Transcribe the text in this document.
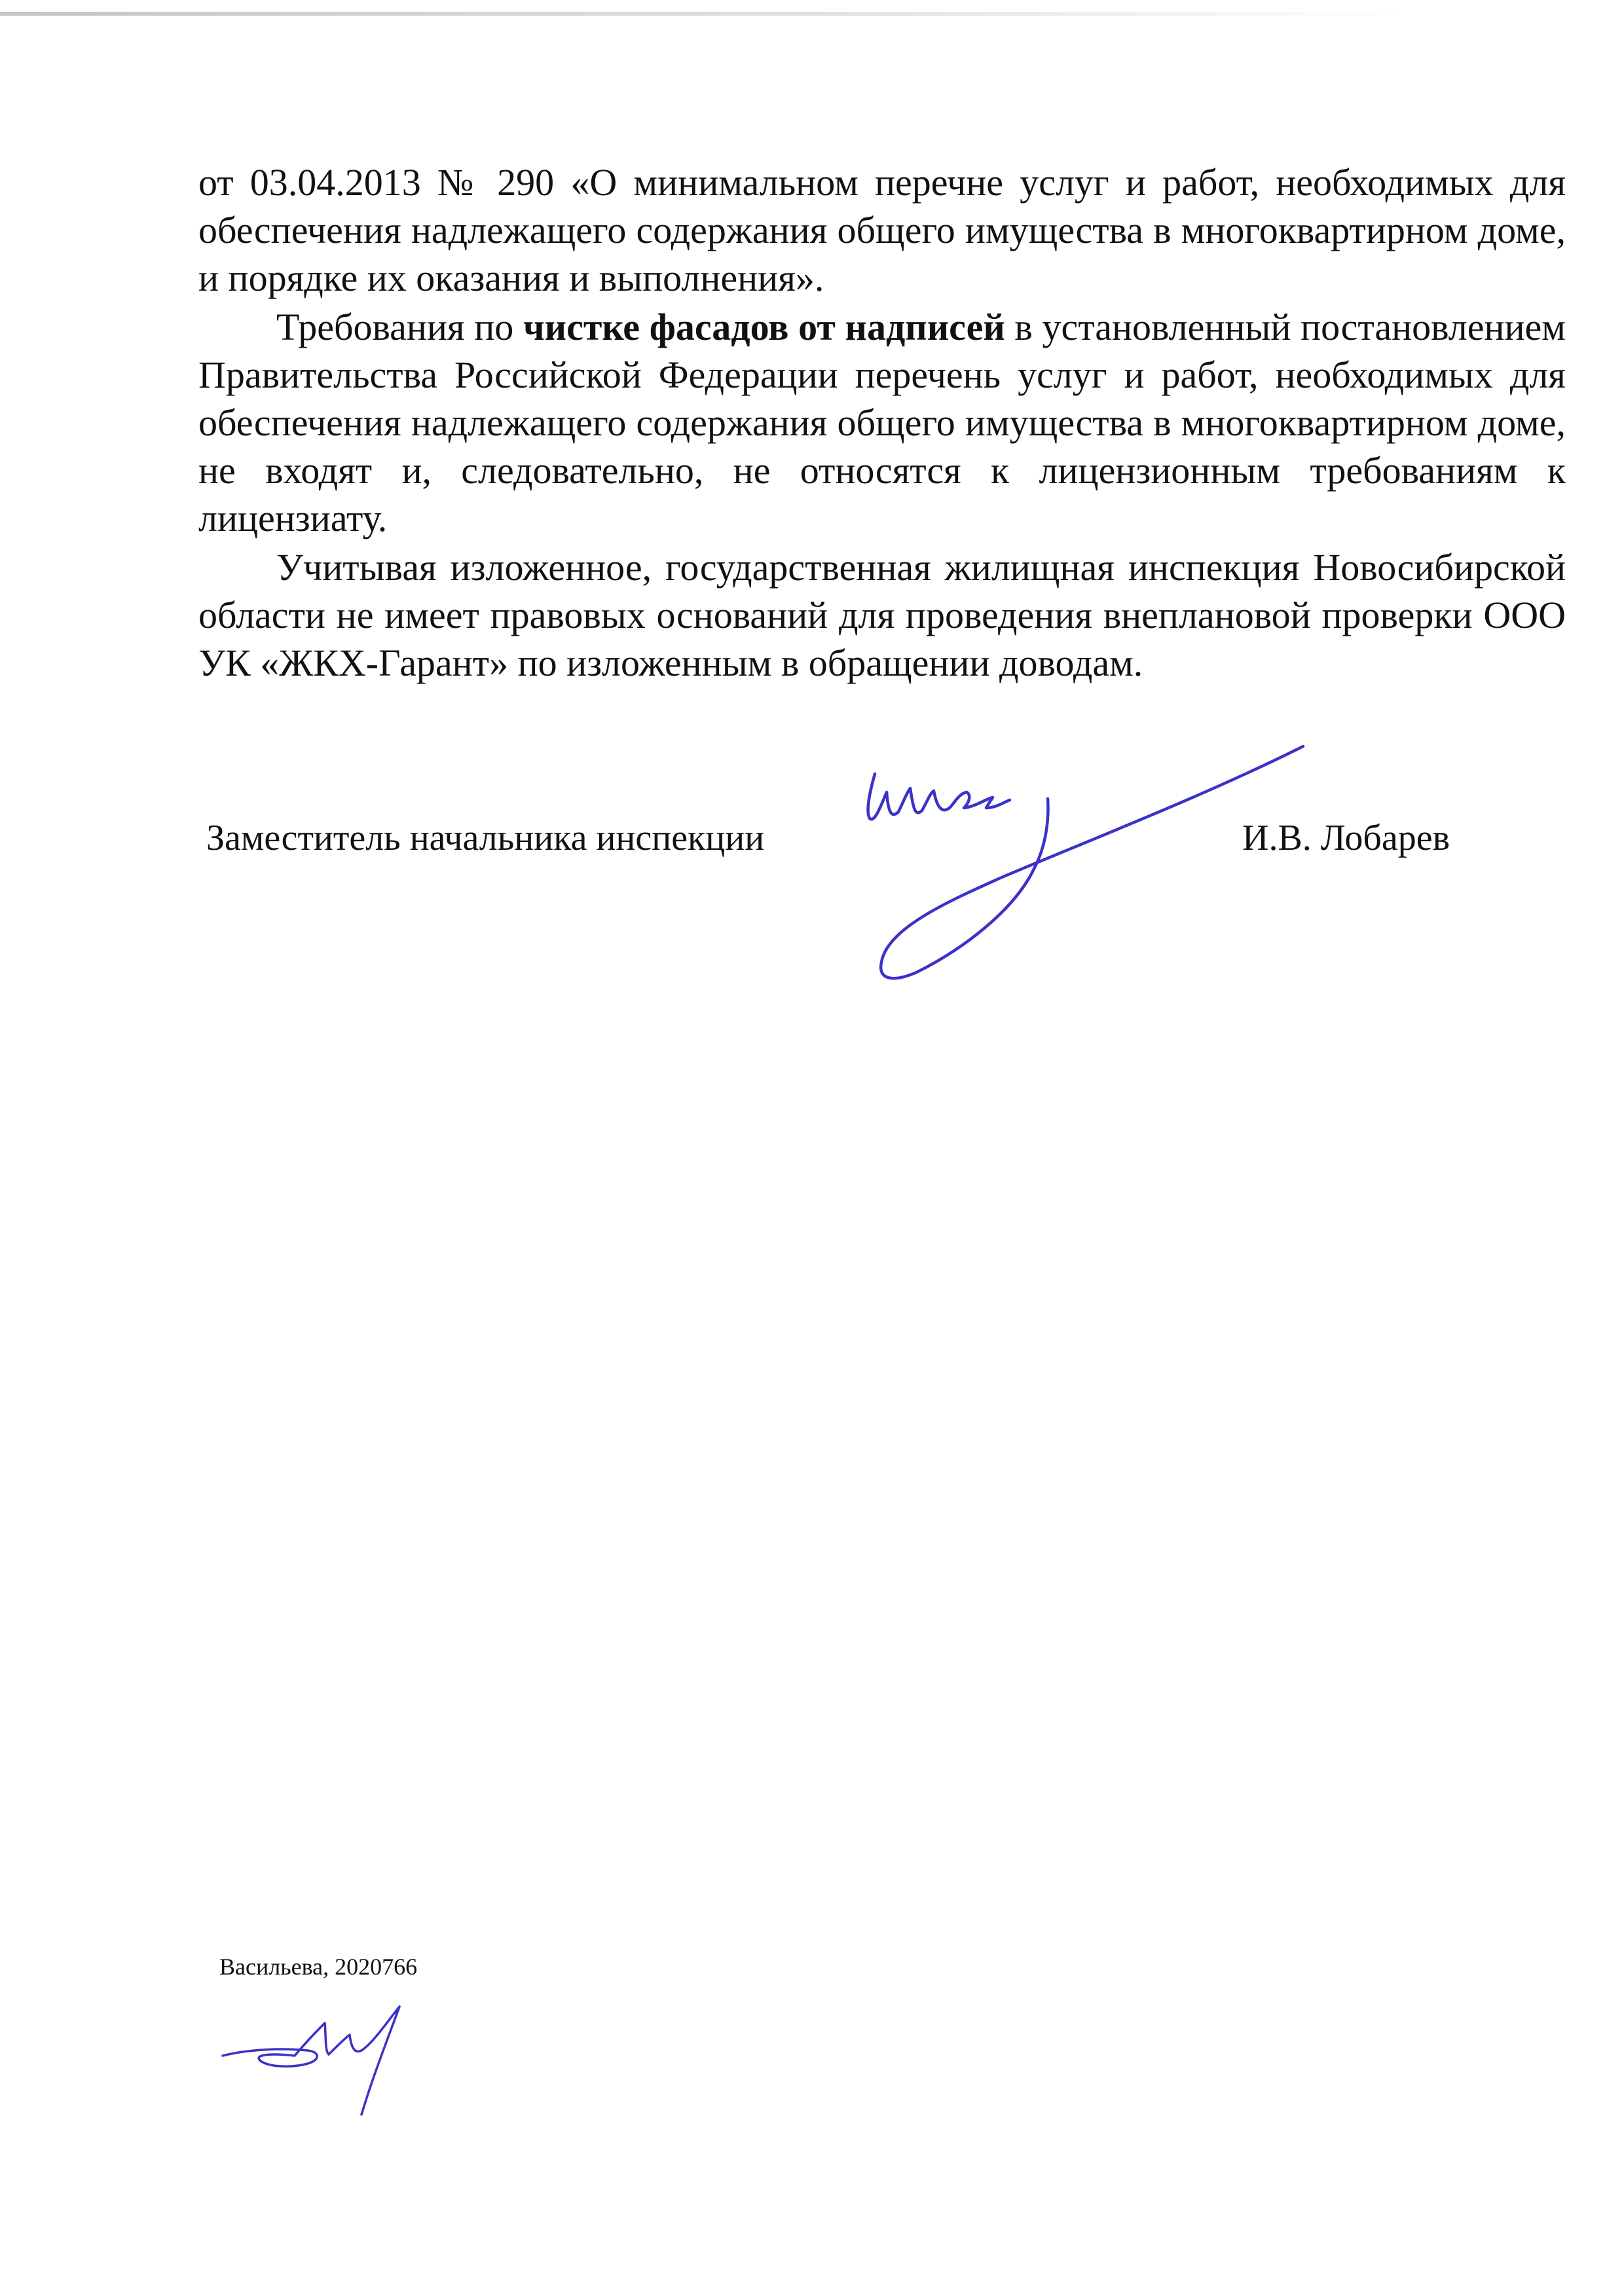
от 03.04.2013 № 290 «О минимальном перечне услуг и работ, необходимых для обеспечения надлежащего содержания общего имущества в многоквартирном доме, и порядке их оказания и выполнения».

Требования по чистке фасадов от надписей в установленный постановлением Правительства Российской Федерации перечень услуг и работ, необходимых для обеспечения надлежащего содержания общего имущества в многоквартирном доме, не входят и, следовательно, не относятся к лицензионным требованиям к лицензиату.

Учитывая изложенное, государственная жилищная инспекция Новосибирской области не имеет правовых оснований для проведения внеплановой проверки ООО УК «ЖКХ-Гарант» по изложенным в обращении доводам.

Заместитель начальника инспекции	И.В. Лобарев
Васильева, 2020766
